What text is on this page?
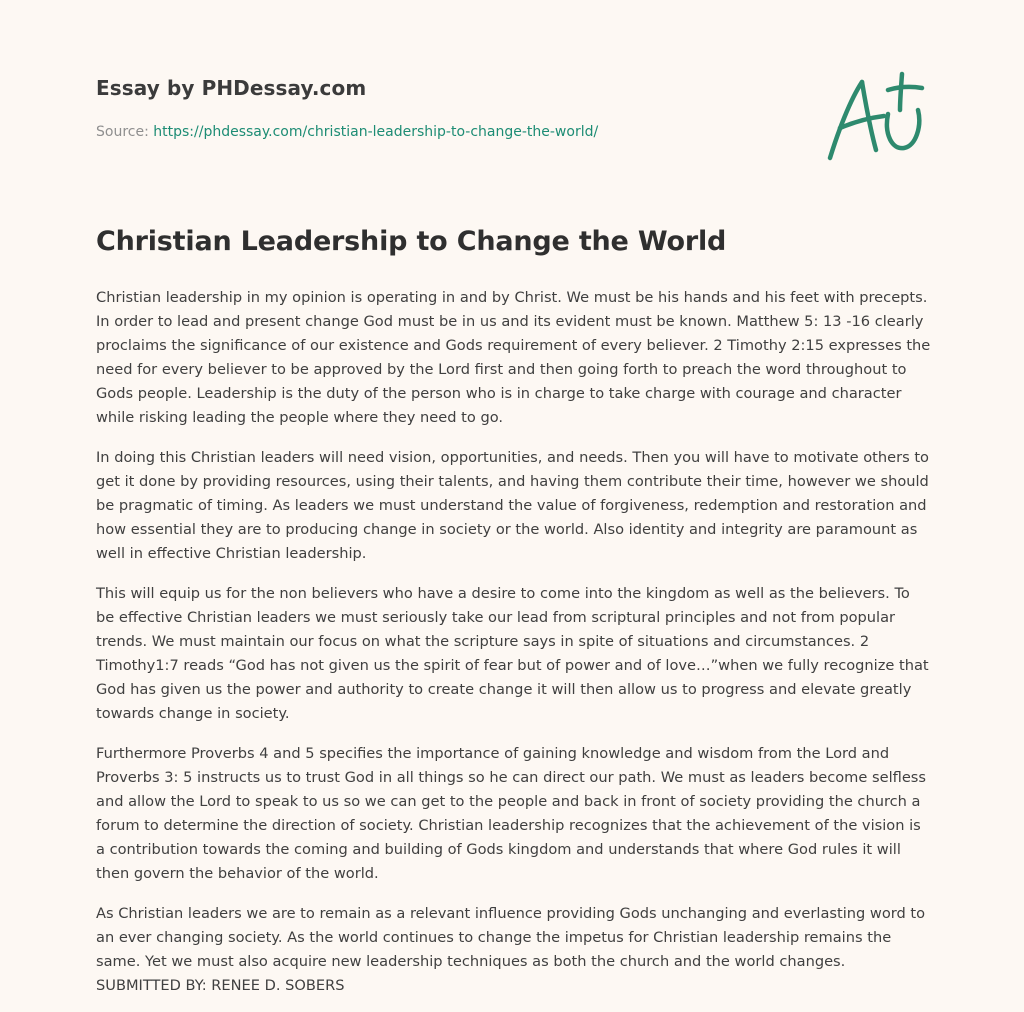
Essay by PHDessay.com
Source: https://phdessay.com/christian-leadership-to-change-the-world/
Christian Leadership to Change the World

Christian leadership in my opinion is operating in and by Christ. We must be his hands and his feet with precepts. In order to lead and present change God must be in us and its evident must be known. Matthew 5: 13 -16 clearly proclaims the significance of our existence and Gods requirement of every believer. 2 Timothy 2:15 expresses the need for every believer to be approved by the Lord first and then going forth to preach the word throughout to Gods people. Leadership is the duty of the person who is in charge to take charge with courage and character while risking leading the people where they need to go.

In doing this Christian leaders will need vision, opportunities, and needs. Then you will have to motivate others to get it done by providing resources, using their talents, and having them contribute their time, however we should be pragmatic of timing. As leaders we must understand the value of forgiveness, redemption and restoration and how essential they are to producing change in society or the world. Also identity and integrity are paramount as well in effective Christian leadership.

This will equip us for the non believers who have a desire to come into the kingdom as well as the believers. To be effective Christian leaders we must seriously take our lead from scriptural principles and not from popular trends. We must maintain our focus on what the scripture says in spite of situations and circumstances. 2 Timothy1:7 reads “God has not given us the spirit of fear but of power and of love…”when we fully recognize that God has given us the power and authority to create change it will then allow us to progress and elevate greatly towards change in society.

Furthermore Proverbs 4 and 5 specifies the importance of gaining knowledge and wisdom from the Lord and Proverbs 3: 5 instructs us to trust God in all things so he can direct our path. We must as leaders become selfless and allow the Lord to speak to us so we can get to the people and back in front of society providing the church a forum to determine the direction of society. Christian leadership recognizes that the achievement of the vision is a contribution towards the coming and building of Gods kingdom and understands that where God rules it will then govern the behavior of the world.

As Christian leaders we are to remain as a relevant influence providing Gods unchanging and everlasting word to an ever changing society. As the world continues to change the impetus for Christian leadership remains the same. Yet we must also acquire new leadership techniques as both the church and the world changes.

SUBMITTED BY: RENEE D. SOBERS
